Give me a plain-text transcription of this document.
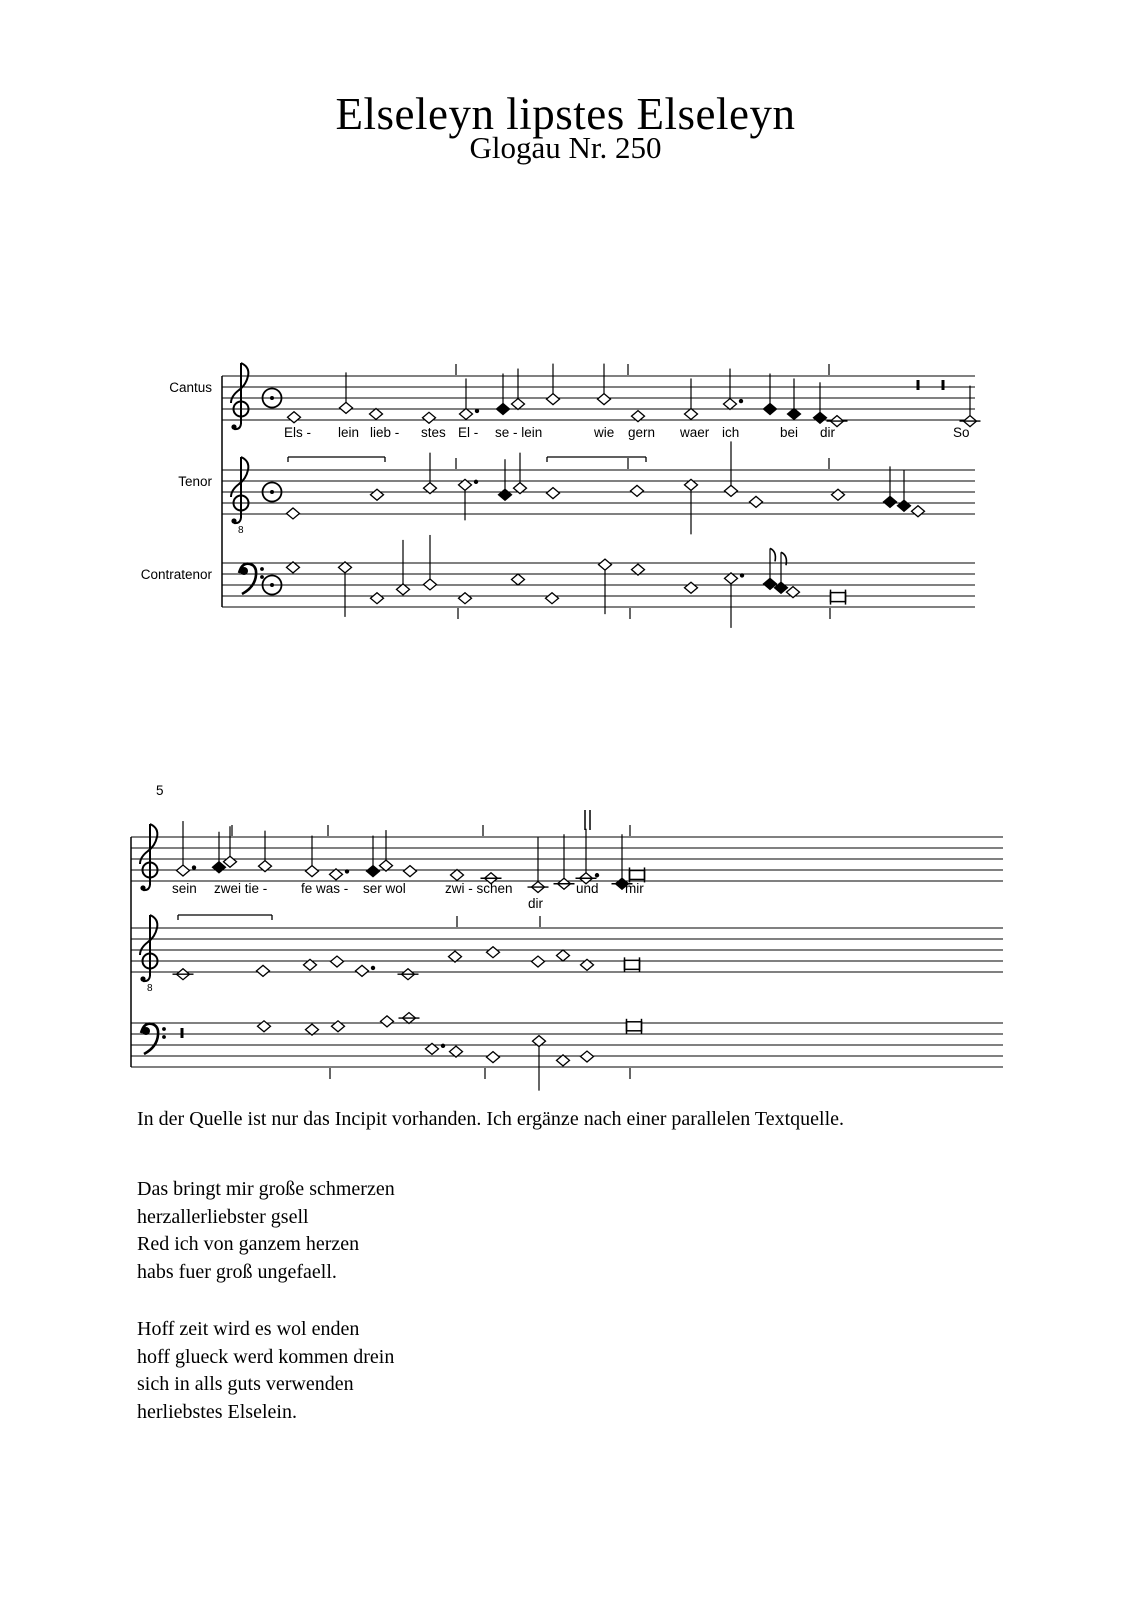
Elseleyn lipstes Elseleyn
Glogau Nr. 250
Cantus
Els - lein lieb - stes El - se - lein	wie gern waer ich	bei dir	So
Tenor
8
Contratenor
5
sein zwei tie - fe was - ser wol	zwi - schen	und mir
dir
8
In der Quelle ist nur das Incipit vorhanden. Ich ergänze nach einer parallelen Textquelle.
Das bringt mir große schmerzen
herzallerliebster gsell
Red ich von ganzem herzen
habs fuer groß ungefaell.
Hoff zeit wird es wol enden
hoff glueck werd kommen drein
sich in alls guts verwenden
herliebstes Elselein.
